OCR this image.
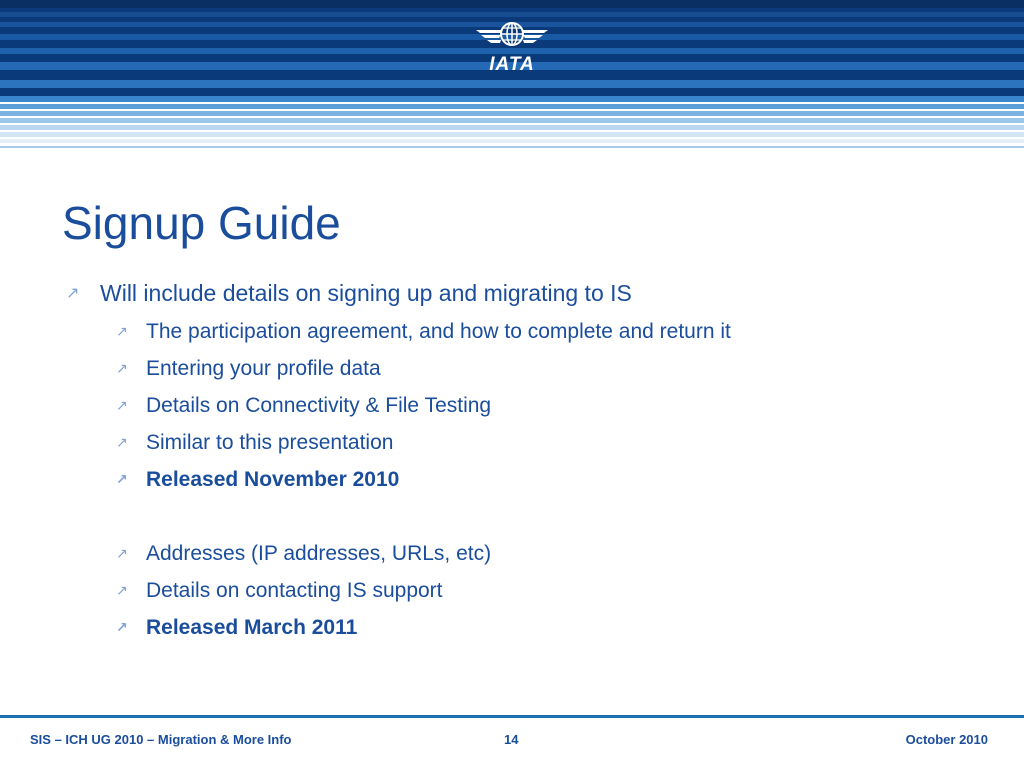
IATA
Signup Guide
↗ Will include details on signing up and migrating to IS
↗ The participation agreement, and how to complete and return it
↗ Entering your profile data
↗ Details on Connectivity & File Testing
↗ Similar to this presentation
↗ Released November 2010
↗ Addresses (IP addresses, URLs, etc)
↗ Details on contacting IS support
↗ Released March 2011
SIS – ICH UG 2010 – Migration & More Info	14	October 2010
